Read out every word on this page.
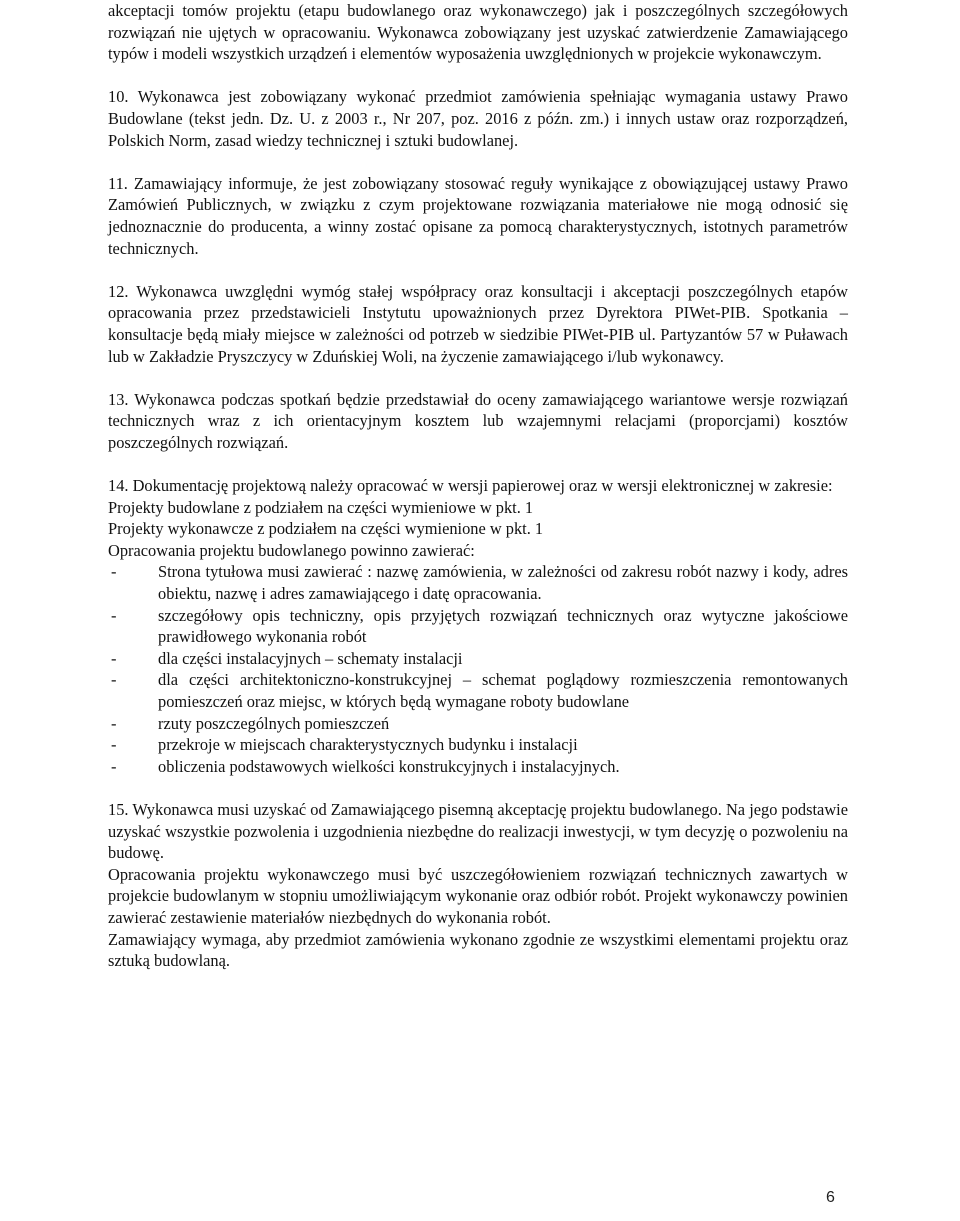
akceptacji tomów projektu (etapu budowlanego oraz wykonawczego) jak i poszczególnych szczegółowych rozwiązań nie ujętych w opracowaniu. Wykonawca zobowiązany jest uzyskać zatwierdzenie Zamawiającego typów i modeli wszystkich urządzeń i elementów wyposażenia uwzględnionych w projekcie wykonawczym.

10. Wykonawca jest zobowiązany wykonać przedmiot zamówienia spełniając wymagania ustawy Prawo Budowlane (tekst jedn. Dz. U. z 2003 r., Nr 207, poz. 2016 z późn. zm.) i innych ustaw oraz rozporządzeń, Polskich Norm, zasad wiedzy technicznej i sztuki budowlanej.

11. Zamawiający informuje, że jest zobowiązany stosować reguły wynikające z obowiązującej ustawy Prawo Zamówień Publicznych, w związku z czym projektowane rozwiązania materiałowe nie mogą odnosić się jednoznacznie do producenta, a winny zostać opisane za pomocą charakterystycznych, istotnych parametrów technicznych.

12. Wykonawca uwzględni wymóg stałej współpracy oraz konsultacji i akceptacji poszczególnych etapów opracowania przez przedstawicieli Instytutu upoważnionych przez Dyrektora PIWet-PIB. Spotkania – konsultacje będą miały miejsce w zależności od potrzeb w siedzibie PIWet-PIB ul. Partyzantów 57 w Puławach lub w Zakładzie Pryszczycy w Zduńskiej Woli, na życzenie zamawiającego i/lub wykonawcy.

13. Wykonawca podczas spotkań będzie przedstawiał do oceny zamawiającego wariantowe wersje rozwiązań technicznych wraz z ich orientacyjnym kosztem lub wzajemnymi relacjami (proporcjami) kosztów poszczególnych rozwiązań.

14. Dokumentację projektową należy opracować w wersji papierowej oraz w wersji elektronicznej w zakresie:

Projekty budowlane z podziałem na części wymieniowe w pkt. 1

Projekty wykonawcze z podziałem na części wymienione w pkt. 1

Opracowania projektu budowlanego powinno zawierać:

-	Strona tytułowa musi zawierać : nazwę zamówienia, w zależności od zakresu robót nazwy i kody, adres obiektu, nazwę i adres zamawiającego i datę opracowania.
-	szczegółowy opis techniczny, opis przyjętych rozwiązań technicznych oraz wytyczne jakościowe prawidłowego wykonania robót
-	dla części instalacyjnych – schematy instalacji
-	dla części architektoniczno-konstrukcyjnej – schemat poglądowy rozmieszczenia remontowanych pomieszczeń oraz miejsc, w których będą wymagane roboty budowlane
-	rzuty poszczególnych pomieszczeń
-	przekroje w miejscach charakterystycznych budynku i instalacji
-	obliczenia podstawowych wielkości konstrukcyjnych i instalacyjnych.

15. Wykonawca musi uzyskać od Zamawiającego pisemną akceptację projektu budowlanego. Na jego podstawie uzyskać wszystkie pozwolenia i uzgodnienia niezbędne do realizacji inwestycji, w tym decyzję o pozwoleniu na budowę.

Opracowania projektu wykonawczego musi być uszczegółowieniem rozwiązań technicznych zawartych w projekcie budowlanym w stopniu umożliwiającym wykonanie oraz odbiór robót. Projekt wykonawczy powinien zawierać zestawienie materiałów niezbędnych do wykonania robót.

Zamawiający wymaga, aby przedmiot zamówienia wykonano zgodnie ze wszystkimi elementami projektu oraz sztuką budowlaną.

6
